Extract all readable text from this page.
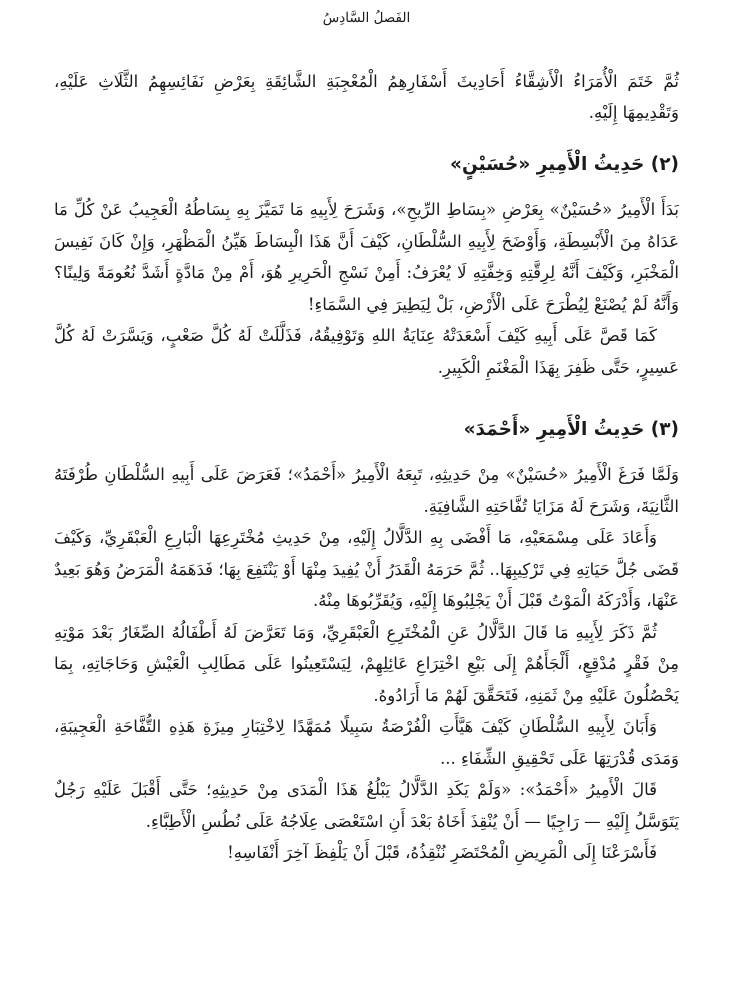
الفَصلُ السَّادِسُ

ثُمَّ خَتَمَ الْأُمَرَاءُ الْأَشِقَّاءُ أَحَادِيثَ أَسْفَارِهِمُ الْمُعْجِبَةِ الشَّائِقَةِ بِعَرْضِ نَفَائِسِهِمُ الثَّلَاثِ عَلَيْهِ، وَتَقْدِيمِهَا إِلَيْهِ.

(٢) حَدِيثُ الْأَمِيرِ «حُسَيْنٍ»

بَدَأَ الْأَمِيرُ «حُسَيْنٌ» بِعَرْضِ «بِسَاطِ الرِّيحِ»، وَشَرَحَ لِأَبِيهِ مَا تَمَيَّزَ بِهِ بِسَاطُهُ الْعَجِيبُ عَنْ كُلِّ مَا عَدَاهُ مِنَ الْأَبْسِطَةِ، وَأَوْضَحَ لِأَبِيهِ السُّلْطَانِ، كَيْفَ أَنَّ هَذَا الْبِسَاطَ هَيِّنُ الْمَظْهَرِ، وَإِنْ كَانَ نَفِيسَ الْمَخْبَرِ، وَكَيْفَ أَنَّهُ لِرِقَّتِهِ وَخِفَّتِهِ لَا يُعْرَفُ: أَمِنْ نَسْجِ الْحَرِيرِ هُوَ، أَمْ مِنْ مَادَّةٍ أَشَدَّ نُعُومَةً وَلِينًا؟ وَأَنَّهُ لَمْ يُصْنَعْ لِيُطْرَحَ عَلَى الْأَرْضِ، بَلْ لِيَطِيرَ فِي السَّمَاءِ!

كَمَا قَصَّ عَلَى أَبِيهِ كَيْفَ أَسْعَدَتْهُ عِنَايَةُ اللهِ وَتَوْفِيقُهُ، فَذَلَّلَتْ لَهُ كُلَّ صَعْبٍ، وَيَسَّرَتْ لَهُ كُلَّ عَسِيرٍ، حَتَّى ظَفِرَ بِهَذَا الْمَغْنَمِ الْكَبِيرِ.

(٣) حَدِيثُ الْأَمِيرِ «أَحْمَدَ»

وَلَمَّا فَرَغَ الْأَمِيرُ «حُسَيْنٌ» مِنْ حَدِيثِهِ، تَبِعَهُ الْأَمِيرُ «أَحْمَدُ»؛ فَعَرَضَ عَلَى أَبِيهِ السُّلْطَانِ طُرْفَتَهُ الثَّانِيَةَ، وَشَرَحَ لَهُ مَزَايَا تُفَّاحَتِهِ الشَّافِيَةِ.

وَأَعَادَ عَلَى مِسْمَعَيْهِ، مَا أَفْضَى بِهِ الدَّلَّالُ إِلَيْهِ، مِنْ حَدِيثِ مُخْتَرِعِهَا الْبَارِعِ الْعَبْقَرِيِّ، وَكَيْفَ قَضَى جُلَّ حَيَاتِهِ فِي تَرْكِيبِهَا.. ثُمَّ حَرَمَهُ الْقَدَرُ أَنْ يُفِيدَ مِنْهَا أَوْ يَنْتَفِعَ بِهَا؛ فَدَهَمَهُ الْمَرَضُ وَهُوَ بَعِيدٌ عَنْهَا، وَأَدْرَكَهُ الْمَوْتُ قَبْلَ أَنْ يَجْلِبُوهَا إِلَيْهِ، وَيُقَرِّبُوهَا مِنْهُ.

ثُمَّ ذَكَرَ لِأَبِيهِ مَا قَالَ الدَّلَّالُ عَنِ الْمُخْتَرِعِ الْعَبْقَرِيِّ، وَمَا تَعَرَّضَ لَهُ أَطْفَالُهُ الصِّغَارُ بَعْدَ مَوْتِهِ مِنْ فَقْرٍ مُدْقِعٍ، أَلْجَأَهُمْ إِلَى بَيْعِ اخْتِرَاعِ عَائِلِهِمْ، لِيَسْتَعِينُوا عَلَى مَطَالِبِ الْعَيْشِ وَحَاجَاتِهِ، بِمَا يَحْصُلُونَ عَلَيْهِ مِنْ ثَمَنِهِ، فَتَحَقَّقَ لَهُمْ مَا أَرَادُوهُ.

وَأَبَانَ لِأَبِيهِ السُّلْطَانِ كَيْفَ هَيَّأَتِ الْفُرْصَةُ سَبِيلًا مُمَهَّدًا لِاخْتِبَارِ مِيزَةِ هَذِهِ التُّفَّاحَةِ الْعَجِيبَةِ، وَمَدَى قُدْرَتِهَا عَلَى تَحْقِيقِ الشِّفَاءِ ...

قَالَ الْأَمِيرُ «أَحْمَدُ»: «وَلَمْ يَكَدِ الدَّلَّالُ يَبْلُغُ هَذَا الْمَدَى مِنْ حَدِيثِهِ؛ حَتَّى أَقْبَلَ عَلَيْهِ رَجُلٌ يَتَوَسَّلُ إِلَيْهِ — رَاجِيًا — أَنْ يُنْقِذَ أَخَاهُ بَعْدَ أَنِ اسْتَعْصَى عِلَاجُهُ عَلَى نُطُسِ الْأَطِبَّاءِ.

فَأَسْرَعْنَا إِلَى الْمَرِيضِ الْمُحْتَضَرِ نُنْقِذُهُ، قَبْلَ أَنْ يَلْفِظَ آخِرَ أَنْفَاسِهِ!
